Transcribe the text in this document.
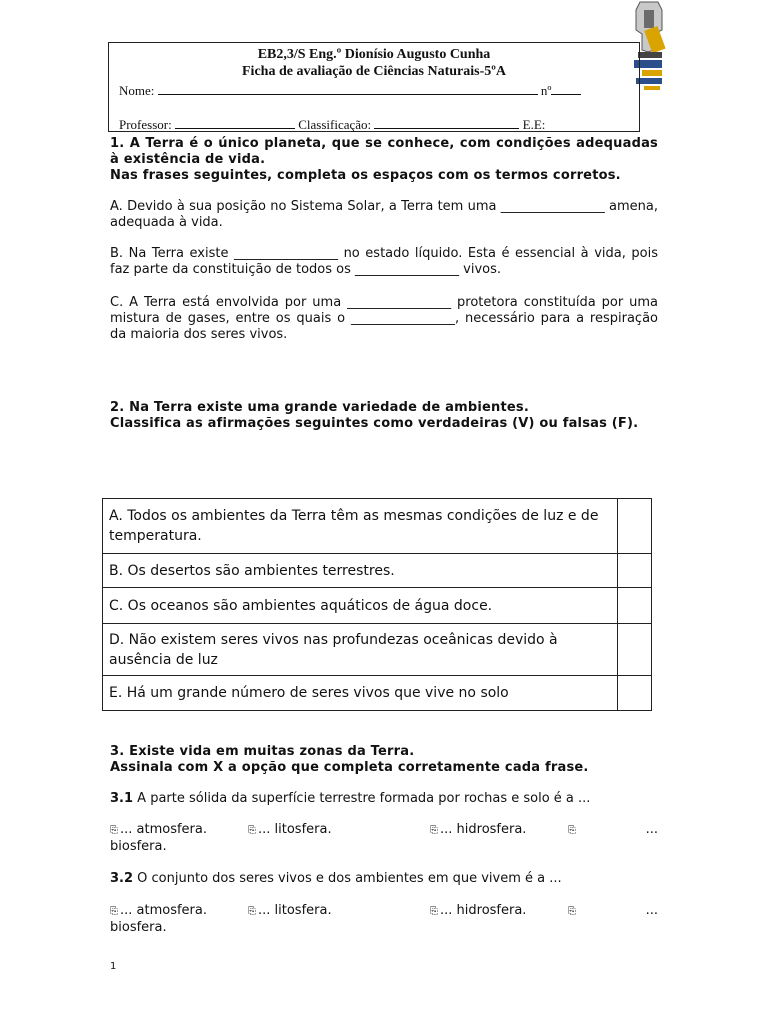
EB2,3/S Eng.º Dionísio Augusto Cunha
Ficha de avaliação de Ciências Naturais-5ºA
Nome:	nº
Professor:	Classificação:	E.E:
1. A Terra é o único planeta, que se conhece, com condições adequadas à existência de vida.
Nas frases seguintes, completa os espaços com os termos corretos.
A. Devido à sua posição no Sistema Solar, a Terra tem uma ________________ amena, adequada à vida.
B. Na Terra existe ________________ no estado líquido. Esta é essencial à vida, pois faz parte da constituição de todos os ________________ vivos.
C. A Terra está envolvida por uma ________________ protetora constituída por uma mistura de gases, entre os quais o ________________, necessário para a respiração da maioria dos seres vivos.
2. Na Terra existe uma grande variedade de ambientes.
Classifica as afirmações seguintes como verdadeiras (V) ou falsas (F).
A. Todos os ambientes da Terra têm as mesmas condições de luz e de temperatura.	
B. Os desertos são ambientes terrestres.	
C. Os oceanos são ambientes aquáticos de água doce.	
D. Não existem seres vivos nas profundezas oceânicas devido à ausência de luz	
E. Há um grande número de seres vivos que vive no solo	
3. Existe vida em muitas zonas da Terra.
Assinala com X a opção que completa corretamente cada frase.
3.1 A parte sólida da superfície terrestre formada por rochas e solo é a ...
⎘ ... atmosfera.	⎘ ... litosfera.	⎘ ... hidrosfera.	⎘	...
biosfera.
3.2 O conjunto dos seres vivos e dos ambientes em que vivem é a ...
⎘ ... atmosfera.	⎘ ... litosfera.	⎘ ... hidrosfera.	⎘	...
biosfera.
1
